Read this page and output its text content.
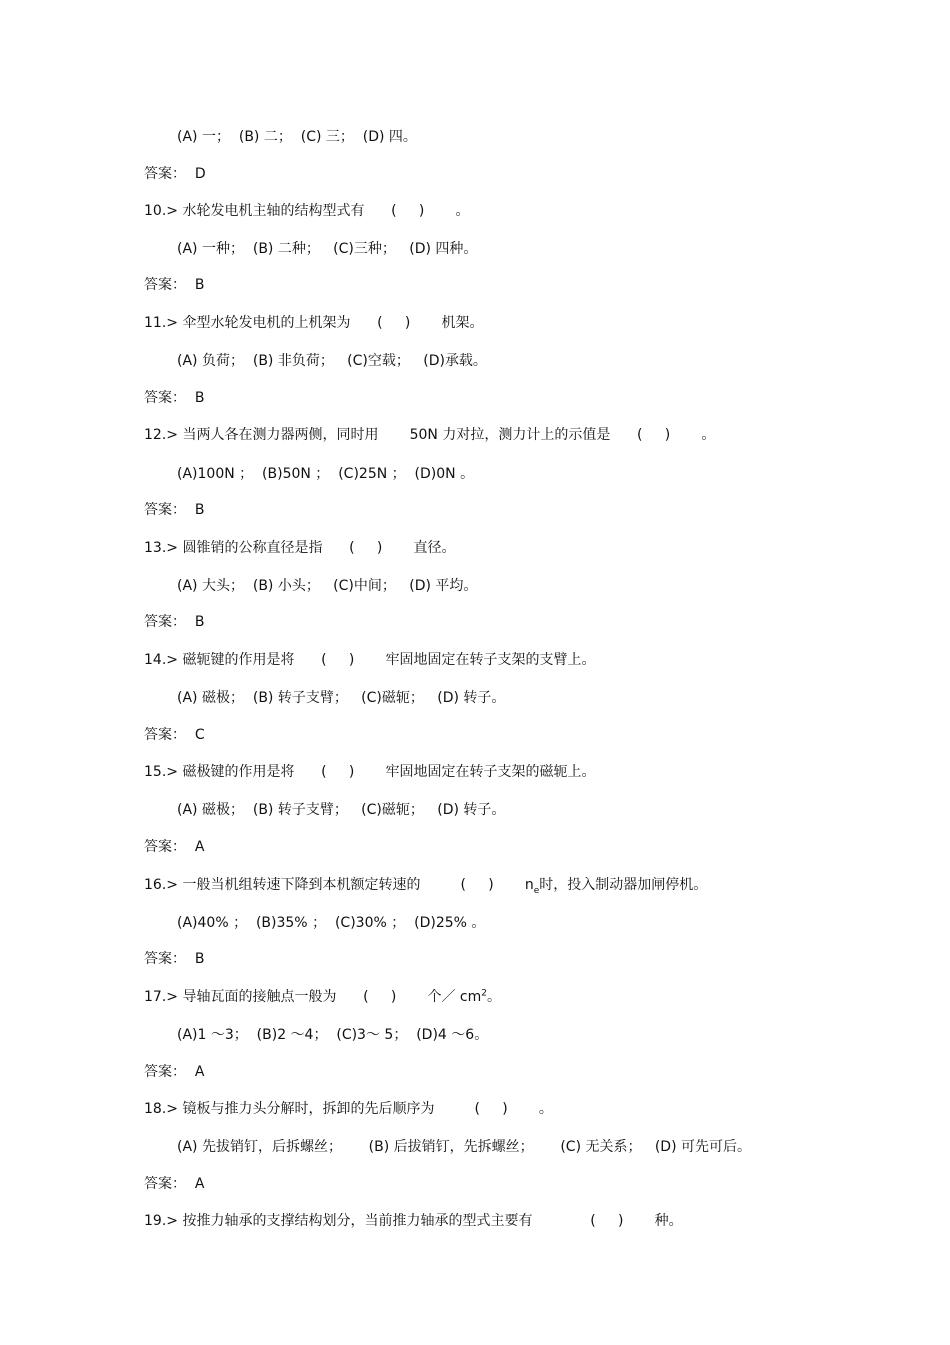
(A) 一；  (B) 二；  (C) 三；  (D) 四。
答案：  D
10.> 水轮发电机主轴的结构型式有      (     )       。
(A) 一种；  (B) 二种；   (C)三种；   (D) 四种。
答案：  B
11.> 伞型水轮发电机的上机架为      (     )       机架。
(A) 负荷；  (B) 非负荷；   (C)空载；   (D)承载。
答案：  B
12.> 当两人各在测力器两侧，同时用       50N 力对拉，测力计上的示值是      (     )       。
(A)100N ；  (B)50N ；  (C)25N ；  (D)0N 。
答案：  B
13.> 圆锥销的公称直径是指      (     )       直径。
(A) 大头；  (B) 小头；   (C)中间；   (D) 平均。
答案：  B
14.> 磁轭键的作用是将      (     )       牢固地固定在转子支架的支臂上。
(A) 磁极；  (B) 转子支臂；   (C)磁轭；   (D) 转子。
答案：  C
15.> 磁极键的作用是将      (     )       牢固地固定在转子支架的磁轭上。
(A) 磁极；  (B) 转子支臂；   (C)磁轭；   (D) 转子。
答案：  A
16.> 一般当机组转速下降到本机额定转速的         (     )       $n_e$时，投入制动器加闸停机。
(A)40% ；  (B)35% ；  (C)30% ；  (D)25% 。
答案：  B
17.> 导轴瓦面的接触点一般为      (     )       个／ $cm^2$。
(A)1 ～3；  (B)2 ～4；  (C)3～ 5；  (D)4 ～6。
答案：  A
18.> 镜板与推力头分解时，拆卸的先后顺序为         (     )       。
(A) 先拔销钉，后拆螺丝；      (B) 后拔销钉，先拆螺丝；      (C) 无关系；   (D) 可先可后。
答案：  A
19.> 按推力轴承的支撑结构划分，当前推力轴承的型式主要有             (     )       种。
